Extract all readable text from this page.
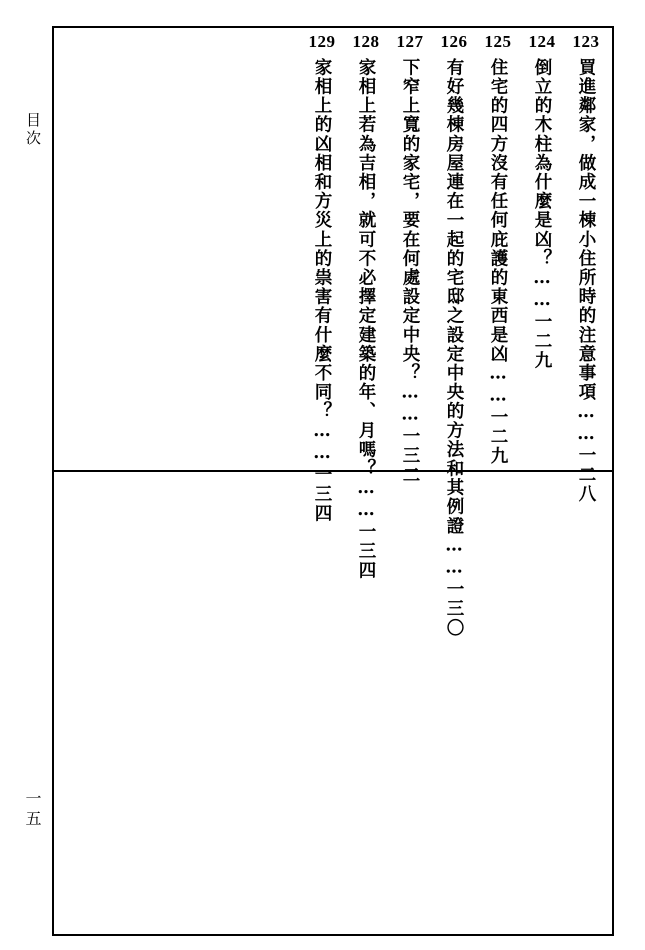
目次
一五
123
買進鄰家，做成一棟小住所時的注意事項……一二八
124
倒立的木柱為什麼是凶？……一二九
125
住宅的四方沒有任何庇護的東西是凶……一二九
126
有好幾棟房屋連在一起的宅邸之設定中央的方法和其例證……一三〇
127
下窄上寬的家宅，要在何處設定中央？……一三二
128
家相上若為吉相，就可不必擇定建築的年、月嗎？……一三四
129
家相上的凶相和方災上的祟害有什麼不同？……一三四
